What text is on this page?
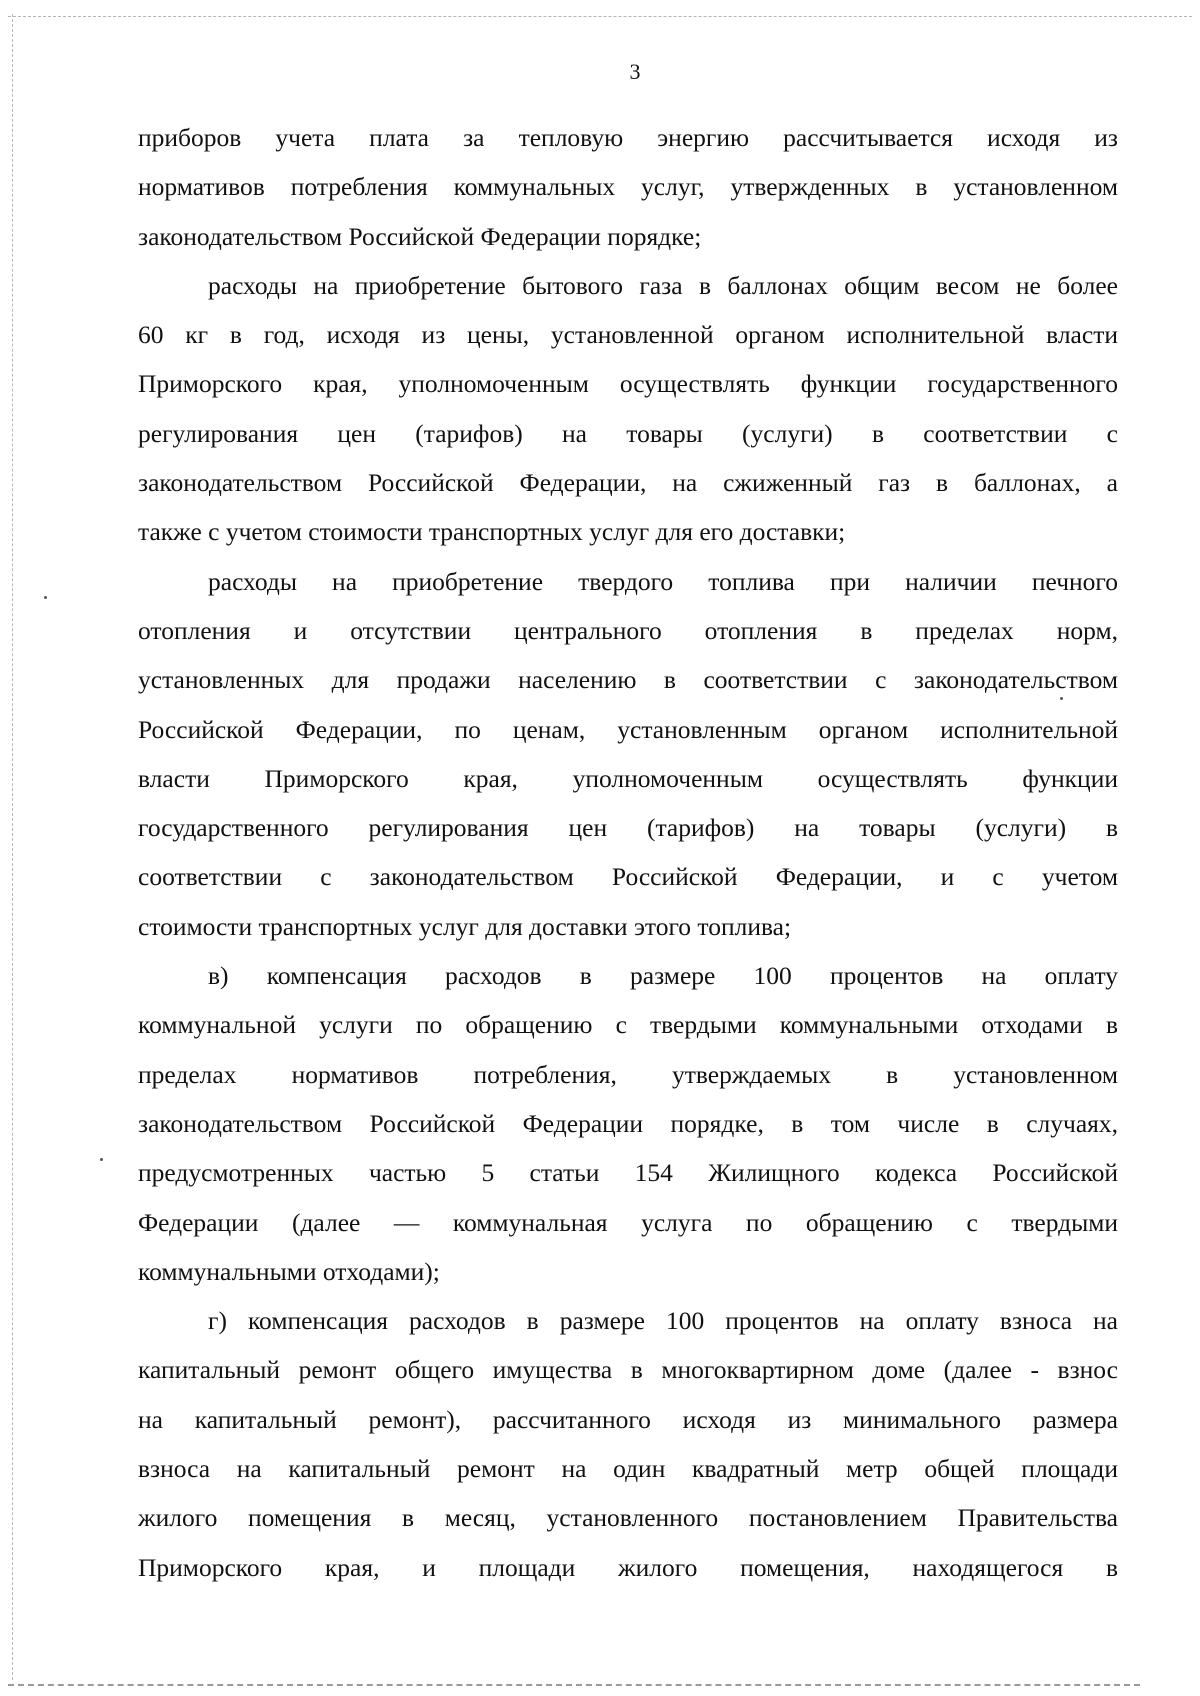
3

приборов учета плата за тепловую энергию рассчитывается исходя из
нормативов потребления коммунальных услуг, утвержденных в установленном
законодательством Российской Федерации порядке;

расходы на приобретение бытового газа в баллонах общим весом не более
60 кг в год, исходя из цены, установленной органом исполнительной власти
Приморского края, уполномоченным осуществлять функции государственного
регулирования цен (тарифов) на товары (услуги) в соответствии с
законодательством Российской Федерации, на сжиженный газ в баллонах, а
также с учетом стоимости транспортных услуг для его доставки;

расходы на приобретение твердого топлива при наличии печного
отопления и отсутствии центрального отопления в пределах норм,
установленных для продажи населению в соответствии с законодательством
Российской Федерации, по ценам, установленным органом исполнительной
власти Приморского края, уполномоченным осуществлять функции
государственного регулирования цен (тарифов) на товары (услуги) в
соответствии с законодательством Российской Федерации, и с учетом
стоимости транспортных услуг для доставки этого топлива;

в) компенсация расходов в размере 100 процентов на оплату
коммунальной услуги по обращению с твердыми коммунальными отходами в
пределах нормативов потребления, утверждаемых в установленном
законодательством Российской Федерации порядке, в том числе в случаях,
предусмотренных частью 5 статьи 154 Жилищного кодекса Российской
Федерации (далее — коммунальная услуга по обращению с твердыми
коммунальными отходами);

г) компенсация расходов в размере 100 процентов на оплату взноса на
капитальный ремонт общего имущества в многоквартирном доме (далее - взнос
на капитальный ремонт), рассчитанного исходя из минимального размера
взноса на капитальный ремонт на один квадратный метр общей площади
жилого помещения в месяц, установленного постановлением Правительства
Приморского края, и площади жилого помещения, находящегося в
